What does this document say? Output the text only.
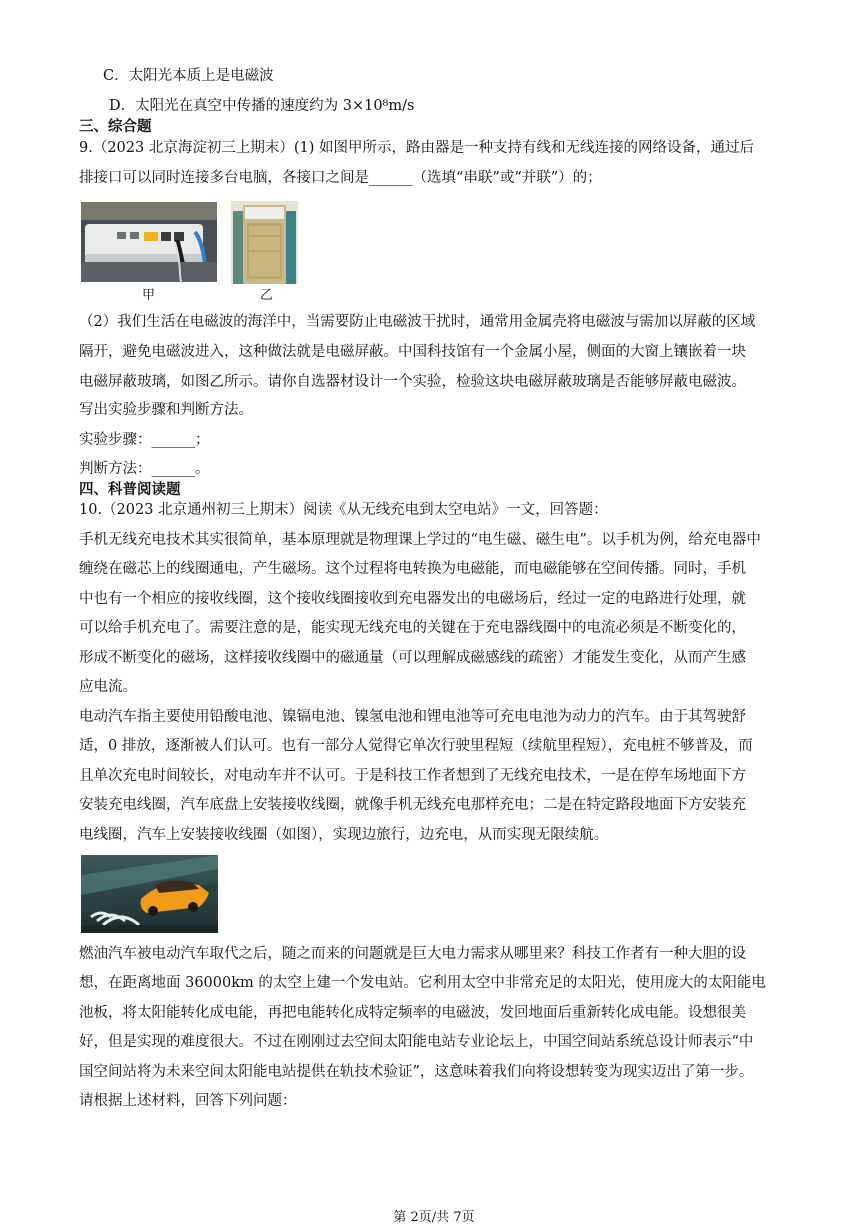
C．太阳光本质上是电磁波
D．太阳光在真空中传播的速度约为 3×10⁸m/s
三、综合题
9.（2023 北京海淀初三上期末）(1) 如图甲所示，路由器是一种支持有线和无线连接的网络设备，通过后
排接口可以同时连接多台电脑，各接口之间是______（选填“串联”或“并联”）的；
甲	乙
（2）我们生活在电磁波的海洋中，当需要防止电磁波干扰时，通常用金属壳将电磁波与需加以屏蔽的区域
隔开，避免电磁波进入，这种做法就是电磁屏蔽。中国科技馆有一个金属小屋，侧面的大窗上镶嵌着一块
电磁屏蔽玻璃，如图乙所示。请你自选器材设计一个实验，检验这块电磁屏蔽玻璃是否能够屏蔽电磁波。
写出实验步骤和判断方法。
实验步骤：______；
判断方法：______。
四、科普阅读题
10.（2023 北京通州初三上期末）阅读《从无线充电到太空电站》一文，回答题：
手机无线充电技术其实很简单，基本原理就是物理课上学过的“电生磁、磁生电”。以手机为例，给充电器中
缠绕在磁芯上的线圈通电，产生磁场。这个过程将电转换为电磁能，而电磁能够在空间传播。同时，手机
中也有一个相应的接收线圈，这个接收线圈接收到充电器发出的电磁场后，经过一定的电路进行处理，就
可以给手机充电了。需要注意的是，能实现无线充电的关键在于充电器线圈中的电流必须是不断变化的，
形成不断变化的磁场，这样接收线圈中的磁通量（可以理解成磁感线的疏密）才能发生变化，从而产生感
应电流。
电动汽车指主要使用铅酸电池、镍镉电池、镍氢电池和锂电池等可充电电池为动力的汽车。由于其驾驶舒
适，0 排放，逐渐被人们认可。也有一部分人觉得它单次行驶里程短（续航里程短），充电桩不够普及，而
且单次充电时间较长，对电动车并不认可。于是科技工作者想到了无线充电技术，一是在停车场地面下方
安装充电线圈，汽车底盘上安装接收线圈，就像手机无线充电那样充电；二是在特定路段地面下方安装充
电线圈，汽车上安装接收线圈（如图），实现边旅行，边充电，从而实现无限续航。
燃油汽车被电动汽车取代之后，随之而来的问题就是巨大电力需求从哪里来？科技工作者有一种大胆的设
想，在距离地面 36000km 的太空上建一个发电站。它利用太空中非常充足的太阳光，使用庞大的太阳能电
池板，将太阳能转化成电能，再把电能转化成特定频率的电磁波，发回地面后重新转化成电能。设想很美
好，但是实现的难度很大。不过在刚刚过去空间太阳能电站专业论坛上，中国空间站系统总设计师表示“中
国空间站将为未来空间太阳能电站提供在轨技术验证”，这意味着我们向将设想转变为现实迈出了第一步。
请根据上述材料，回答下列问题：
第 2页/共 7页
